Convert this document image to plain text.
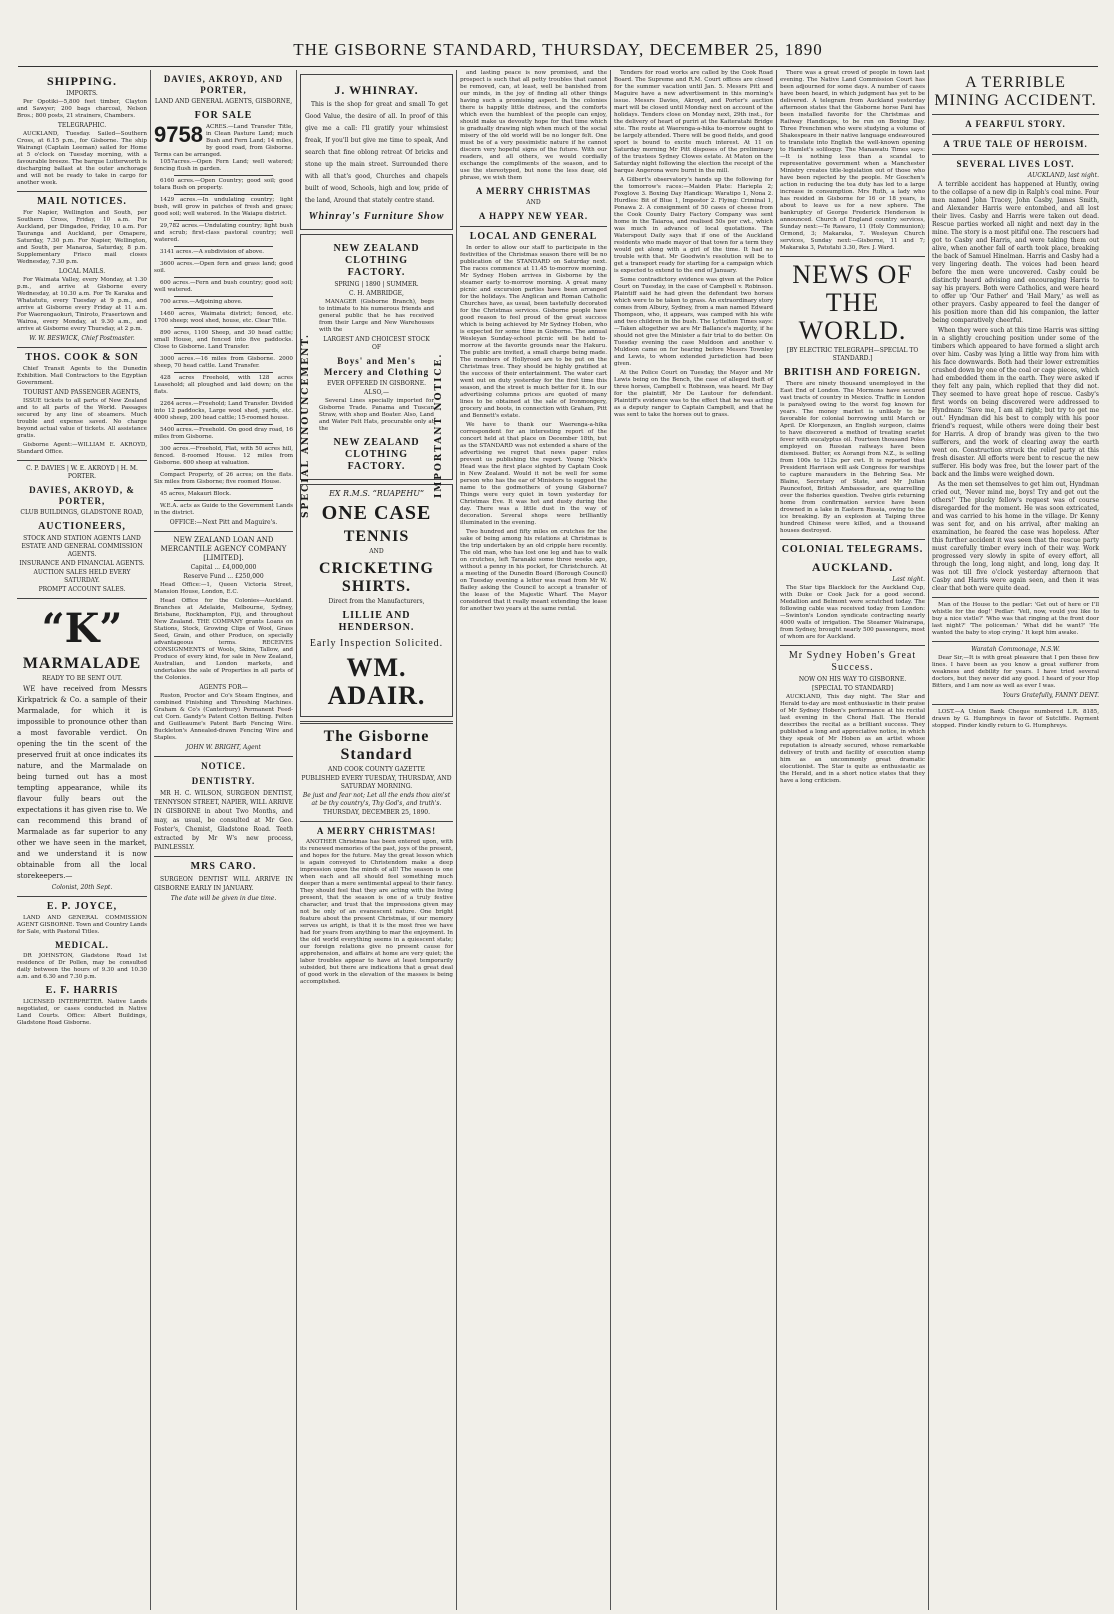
THE GISBORNE STANDARD, THURSDAY, DECEMBER 25, 1890
SHIPPING.
IMPORTS.

Per Opotiki—5,800 feet timber, Clayton and Sawyer; 200 bags charcoal, Nelson Bros.; 800 posts, 21 strainers, Chambers.

TELEGRAPHIC.

AUCKLAND, Tuesday. Sailed—Southern Cross, at 6.15 p.m., for Gisborne. The ship Wairangi (Captain Leeman) sailed for Home at 5 o'clock on Tuesday morning, with a favourable breeze. The barque Lutterworth is discharging ballast at the outer anchorage and will not be ready to take in cargo for another week.

MAIL NOTICES.

For Napier, Wellington and South, per Southern Cross, Friday, 10 a.m. For Auckland, per Dingadee, Friday, 10 a.m. For Tauranga and Auckland, per Omapere, Saturday, 7.30 p.m. For Napier, Wellington, and South, per Manaroa, Saturday, 8 p.m. Supplementary Frisco mail closes Wednesday, 7.30 p.m.

LOCAL MAILS.

For Waimata Valley, every Monday, at 1.30 p.m., and arrive at Gisborne every Wednesday, at 10.30 a.m. For Te Karaka and Whatatutu, every Tuesday at 9 p.m., and arrive at Gisborne every Friday at 11 a.m. For Waerengaokuri, Tiniroto, Frasertown and Wairoa, every Monday, at 9.30 a.m., and arrive at Gisborne every Thursday, at 2 p.m.

W. W. BESWICK, Chief Postmaster.
THOS. COOK & SON

Chief Transit Agents to the Dunedin Exhibition. Mail Contractors to the Egyptian Government.

TOURIST AND PASSENGER AGENTS,

ISSUE tickets to all parts of New Zealand and to all parts of the World. Passages secured by any line of steamers. Much trouble and expense saved. No charge beyond actual value of tickets. All assistance gratis.

Gisborne Agent:—WILLIAM E. AKROYD, Standard Office.

C. P. DAVIES | W. E. AKROYD | H. M. PORTER.
DAVIES, AKROYD, & PORTER,
CLUB BUILDINGS, GLADSTONE ROAD,
AUCTIONEERS,
STOCK AND STATION AGENTS LAND ESTATE AND GENERAL COMMISSION AGENTS.
INSURANCE AND FINANCIAL AGENTS.
AUCTION SALES HELD EVERY SATURDAY.
PROMPT ACCOUNT SALES.
“K”
MARMALADE
READY TO BE SENT OUT.

WE have received from Messrs Kirkpatrick & Co. a sample of their Marmalade, for which it is impossible to pronounce other than a most favorable verdict. On opening the tin the scent of the preserved fruit at once indicates its nature, and the Marmalade on being turned out has a most tempting appearance, while its flavour fully bears out the expectations it has given rise to. We can recommend this brand of Marmalade as far superior to any other we have seen in the market, and we understand it is now obtainable from all the local storekeepers.—

Colonist, 20th Sept.
E. P. JOYCE,

LAND AND GENERAL COMMISSION AGENT GISBORNE. Town and Country Lands for Sale, with Pastoral Titles.

MEDICAL.

DR JOHNSTON, Gladstone Road 1st residence of Dr Pollen, may be consulted daily between the hours of 9.30 and 10.30 a.m. and 6.30 and 7.30 p.m.

E. F. HARRIS

LICENSED INTERPRETER. Native Lands negotiated, or cases conducted in Native Land Courts. Office: Albert Buildings, Gladstone Road Gisborne.

DAVIES, AKROYD, AND PORTER,
LAND AND GENERAL AGENTS, GISBORNE,
FOR SALE
9758 ACRES.—Land Transfer Title, in Clean Pasture Land; much Bush and Fern Land; 14 miles, by good road, from Gisborne. Terms can be arranged.

1057acres.—Open Fern Land; well watered; fencing flush in garden.

6160 acres.—Open Country; good soil; good tolara Bush on property.

1429 acres.—In undulating country; light bush, will grow in patches of fresh and grass; good soil; well watered. In the Waiapu district.

29,782 acres.—Undulating country; light bush and scrub; first-class pastoral country; well watered.

3141 acres.—A subdivision of above.

3600 acres.—Open fern and grass land; good soil.

600 acres.—Fern and bush country; good soil; well watered.

700 acres.—Adjoining above.

1460 acres, Waimata district; fenced, etc. 1700 sheep; wool shed, house, etc. Clear Title.

890 acres, 1100 Sheep, and 30 head cattle; small House, and fenced into five paddocks. Close to Gisborne. Land Transfer.

3000 acres.—16 miles from Gisborne. 2000 sheep, 70 head cattle. Land Transfer.

428 acres Freehold, with 128 acres Leasehold; all ploughed and laid down; on the flats.

2264 acres.—Freehold; Land Transfer. Divided into 12 paddocks, Large wool shed, yards, etc. 4000 sheep, 200 head cattle; 15-roomed house.

5400 acres.—Freehold. On good dray road, 16 miles from Gisborne.

300 acres.—Freehold, Flat, with 50 acres hill, fenced. 8-roomed House. 12 miles from Gisborne. 600 sheep at valuation.

Compact Property, of 26 acres; on the flats. Six miles from Gisborne; five roomed House.

45 acres, Makauri Block.

W.E.A. acts as Guide to the Government Lands in the district.

OFFICE:—Next Pitt and Maguire's.
NEW ZEALAND LOAN AND MERCANTILE AGENCY COMPANY [LIMITED].
Capital ... £4,000,000
Reserve Fund ... £250,000

Head Office:—1, Queen Victoria Street, Mansion House, London, E.C.

Head Office for the Colonies—Auckland. Branches at Adelaide, Melbourne, Sydney, Brisbane, Rockhampton, Fiji, and throughout New Zealand. THE COMPANY grants Loans on Stations, Stock, Growing Clips of Wool, Grass Seed, Grain, and other Produce, on specially advantageous terms. RECEIVES CONSIGNMENTS of Wools, Skins, Tallow, and Produce of every kind, for sale in New Zealand, Australian, and London markets, and undertakes the sale of Properties in all parts of the Colonies.

AGENTS FOR—

Ruston, Proctor and Co's Steam Engines, and combined Finishing and Threshing Machines. Graham & Co's (Canterbury) Permanent Feed-cut Corn. Gandy's Patent Cotton Belting. Felten and Guilleaume's Patent Barb Fencing Wire. Buckleton's Annealed-drawn Fencing Wire and Staples.

JOHN W. BRIGHT, Agent
NOTICE.
DENTISTRY.

MR H. C. WILSON, SURGEON DENTIST, TENNYSON STREET, NAPIER, WILL ARRIVE IN GISBORNE in about Two Months, and may, as usual, be consulted at Mr Geo. Foster's, Chemist, Gladstone Road. Teeth extracted by Mr W's new process, PAINLESSLY.

MRS CARO.

SURGEON DENTIST WILL ARRIVE IN GISBORNE EARLY IN JANUARY.

The date will be given in due time.
J. WHINRAY.

This is the shop for great and small To get Good Value, the desire of all. In proof of this give me a call: I'll gratify your whimsiest freak, If you'll but give me time to speak, And search that fine oblong retreat Of bricks and stone up the main street. Surrounded there with all that's good, Churches and chapels built of wood, Schools, high and low, pride of the land, Around that stately centre stand.

Whinray's Furniture Show
SPECIAL ANNOUNCEMENT.	IMPORTANT NOTICE.
NEW ZEALAND CLOTHING FACTORY.
SPRING | 1890 | SUMMER.
C. H. AMBRIDGE,

MANAGER (Gisborne Branch), begs to intimate to his numerous friends and general public that he has received from their Large and New Warehouses with the

LARGEST AND CHOICEST STOCK OF
Boys' and Men's Mercery and Clothing
EVER OFFERED IN GISBORNE.
ALSO,—

Several Lines specially imported for Gisborne Trade. Panama and Tuscan Straw, with shop and Boater. Also, Land and Water Felt Hats, procurable only at the

NEW ZEALAND CLOTHING FACTORY.
EX R.M.S. “RUAPEHU”
ONE CASE
TENNIS
AND
CRICKETING SHIRTS.
Direct from the Manufacturers,
LILLIE AND HENDERSON.
Early Inspection Solicited.
WM. ADAIR.
The Gisborne Standard
AND COOK COUNTY GAZETTE
PUBLISHED EVERY TUESDAY, THURSDAY, AND SATURDAY MORNING.
Be just and fear not; Let all the ends thou aim'st at be thy country's, Thy God's, and truth's.
THURSDAY, DECEMBER 25, 1890.
A MERRY CHRISTMAS!

ANOTHER Christmas has been entered upon, with its renewed memories of the past, joys of the present, and hopes for the future. May the great lesson which is again conveyed to Christendom make a deep impression upon the minds of all! The season is one when each and all should feel something much deeper than a mere sentimental appeal to their fancy. They should feel that they are acting with the living present, that the season is one of a truly festive character, and trust that the impressions given may not be only of an evanescent nature. One bright feature about the present Christmas, if our memory serves us aright, is that it is the most free we have had for years from anything to mar the enjoyment. In the old world everything seems in a quiescent state; our foreign relations give no present cause for apprehension, and affairs at home are very quiet; the labor troubles appear to have at least temporarily subsided, but there are indications that a great deal of good work in the elevation of the masses is being accomplished.

and lasting peace is now promised, and the prospect is such that all petty troubles that cannot be removed, can, at least, well be banished from our minds, in the joy of finding all other things having such a promising aspect. In the colonies there is happily little distress, and the comforts which even the humblest of the people can enjoy, should make us devoutly hope for that time which is gradually drawing nigh when much of the social misery of the old world will be no longer felt. One must be of a very pessimistic nature if he cannot discern very hopeful signs of the future. With our readers, and all others, we would cordially exchange the compliments of the season, and to use the stereotyped, but none the less dear, old phrase, we wish them

A MERRY CHRISTMAS
AND
A HAPPY NEW YEAR.
LOCAL AND GENERAL

In order to allow our staff to participate in the festivities of the Christmas season there will be no publication of the STANDARD on Saturday next. The races commence at 11.45 to-morrow morning. Mr Sydney Hoben arrives in Gisborne by the steamer early to-morrow morning. A great many picnic and excursion parties have been arranged for the holidays. The Anglican and Roman Catholic Churches have, as usual, been tastefully decorated for the Christmas services. Gisborne people have good reason to feel proud of the great success which is being achieved by Mr Sydney Hoben, who is expected for some time in Gisborne. The annual Wesleyan Sunday-school picnic will be held to-morrow at the favorite grounds near the Hakuru. The public are invited, a small charge being made. The members of Hollyrood are to be put on the Christmas tree. They should be highly gratified at the success of their entertainment. The water cart went out on duty yesterday for the first time this season, and the street is much better for it. In our advertising columns prices are quoted of many lines to be obtained at the sale of Ironmongery, grocery and boots, in connection with Graham, Pitt and Bennett's estate.

We have to thank our Waerenga-a-hika correspondent for an interesting report of the concert held at that place on December 18th, but as the STANDARD was not extended a share of the advertising we regret that news paper rules prevent us publishing the report. Young 'Nick's Head was the first place sighted by Captain Cook in New Zealand. Would it not be well for some person who has the ear of Ministers to suggest the name to the godmothers of young Gisborne? Things were very quiet in town yesterday for Christmas Eve. It was hot and dusty during the day. There was a little dust in the way of decoration. Several shops were brilliantly illuminated in the evening.

Two hundred and fifty miles on crutches for the sake of being among his relations at Christmas is the trip undertaken by an old cripple here recently. The old man, who has lost one leg and has to walk on crutches, left Taranaki some three weeks ago, without a penny in his pocket, for Christchurch. At a meeting of the Dunedin Board (Borough Council) on Tuesday evening a letter was read from Mr W. Bailey asking the Council to accept a transfer of the lease of the Majestic Wharf. The Mayor considered that it really meant extending the lease for another two years at the same rental.

Tenders for road works are called by the Cook Road Board. The Supreme and R.M. Court offices are closed for the summer vacation until Jan. 5. Messrs Pitt and Maguire have a new advertisement in this morning's issue. Messrs Davies, Akroyd, and Porter's auction mart will be closed until Monday next on account of the holidays. Tenders close on Monday next, 29th inst., for the delivery of heart of puriri at the Kaiteratahi Bridge site. The route at Waerenga-a-hika to-morrow ought to be largely attended. There will be good fields, and good sport is bound to excite much interest. At 11 on Saturday morning Mr Pitt disposes of the preliminary of the trustees Sydney Clowes estate. At Maton on the Saturday night following the election the receipt of the barque Angerona were burnt in the mill.

A Gilbert's observatory's hands up the following for the tomorrow's races:—Maiden Plate: Hariepla 2; Foxglove 3. Boxing Day Handicap: Waratipo 1, Nona 2. Hurdles: Bit of Blue 1, Impostor 2. Flying: Criminal 1, Ponawa 2. A consignment of 50 cases of cheese from the Cook County Dairy Factory Company was sent home in the Taiaroa, and realised 50s per cwt., which was much in advance of local quotations. The Waterspout Daily says that if one of the Auckland residents who made mayor of that town for a term they would get along with a girl of the time. It had no trouble with that. Mr Goodwin's resolution will be to get a transport ready for starting for a campaign which is expected to extend to the end of January.

Some contradictory evidence was given at the Police Court on Tuesday, in the case of Campbell v. Robinson. Plaintiff said he had given the defendant two horses which were to be taken to grass. An extraordinary story comes from Albury, Sydney, from a man named Edward Thompson, who, it appears, was camped with his wife and two children in the bush. The Lyttelton Times says:—Taken altogether we are Mr Ballance's majority, if he should not give the Minister a fair trial to do better. On Tuesday evening the case Muldoon and another v. Muldoon came on for hearing before Messrs Townley and Lewis, to whom extended jurisdiction had been given.

At the Police Court on Tuesday, the Mayor and Mr Lewis being on the Bench, the case of alleged theft of three horses, Campbell v. Robinson, was heard. Mr Day for the plaintiff, Mr De Lautour for defendant. Plaintiff's evidence was to the effect that he was acting as a deputy ranger to Captain Campbell, and that he was sent to take the horses out to grass.

There was a great crowd of people in town last evening. The Native Land Commission Court has been adjourned for some days. A number of cases have been heard, in which judgment has yet to be delivered. A telegram from Auckland yesterday afternoon states that the Gisborne horse Pani has been installed favorite for the Christmas and Railway Handicaps, to be run on Boxing Day. Three Frenchmen who were studying a volume of Shakespeare in their native language endeavoured to translate into English the well-known opening to Hamlet's soliloquy. The Manawatu Times says:—It is nothing less than a scandal to representative government when a Manchester Ministry creates title-legislation out of those who have been rejected by the people. Mr Goschen's action in reducing the tea duty has led to a large increase in consumption. Mrs Ruth, a lady who has resided in Gisborne for 16 or 18 years, is about to leave us for a new sphere. The bankruptcy of George Frederick Henderson is announced. Church of England country services, Sunday next:—Te Rawaro, 11 (Holy Communion); Ormond, 3; Makaraka, 7. Wesleyan Church services, Sunday next:—Gisborne, 11 and 7; Makaraka 3, Patutahi 3.30, Rev. J. Ward.

NEWS OF THE WORLD.
[BY ELECTRIC TELEGRAPH—SPECIAL TO STANDARD.]
BRITISH AND FOREIGN.

There are ninety thousand unemployed in the East End of London. The Mormons have secured vast tracts of country in Mexico. Traffic in London is paralysed owing to the worst fog known for years. The money market is unlikely to be favorable for colonial borrowing until March or April. Dr Klorgenzen, an English surgeon, claims to have discovered a method of treating scarlet fever with eucalyptus oil. Fourteen thousand Poles employed on Russian railways have been dismissed. Butter, ex Aorangi from N.Z., is selling from 100s to 112s per cwt. It is reported that President Harrison will ask Congress for warships to capture marauders in the Behring Sea. Mr Blaine, Secretary of State, and Mr Julian Pauncefoot, British Ambassador, are quarrelling over the fisheries question. Twelve girls returning home from confirmation service have been drowned in a lake in Eastern Russia, owing to the ice breaking. By an explosion at Taiping three hundred Chinese were killed, and a thousand houses destroyed.

COLONIAL TELEGRAMS.
AUCKLAND.
Last night.

The Star tips Blacklock for the Auckland Cup, with Duke or Cook Jack for a good second. Medallion and Belmont were scratched today. The following cable was received today from London:—Swinton's London syndicate contracting nearly 4000 walls of irrigation. The Steamer Wairarapa, from Sydney, brought nearly 500 passengers, most of whom are for Auckland.

Mr Sydney Hoben's Great Success.
NOW ON HIS WAY TO GISBORNE.
[SPECIAL TO STANDARD]

AUCKLAND, This day night. The Star and Herald to-day are most enthusiastic in their praise of Mr Sydney Hoben's performance at his recital last evening in the Choral Hall. The Herald describes the recital as a brilliant success. They published a long and appreciative notice, in which they speak of Mr Hoben as an artist whose reputation is already secured, whose remarkable delivery of truth and facility of execution stamp him as an uncommonly great dramatic elocutionist. The Star is quite as enthusiastic as the Herald, and in a short notice states that they have a long criticism.

A TERRIBLE MINING ACCIDENT.
A FEARFUL STORY.
A TRUE TALE OF HEROISM.
SEVERAL LIVES LOST.
AUCKLAND, last night.

A terrible accident has happened at Huntly, owing to the collapse of a new dip in Ralph's coal mine. Four men named John Tracey, John Casby, James Smith, and Alexander Harris were entombed, and all lost their lives. Casby and Harris were taken out dead. Rescue parties worked all night and next day in the mine. The story is a most pitiful one. The rescuers had got to Casby and Harris, and were taking them out alive, when another fall of earth took place, breaking the back of Samuel Hinelman. Harris and Casby had a very lingering death. The voices had been heard before the men were uncovered. Casby could be distinctly heard advising and encouraging Harris to say his prayers. Both were Catholics, and were heard to offer up 'Our Father' and 'Hail Mary,' as well as other prayers. Casby appeared to feel the danger of his position more than did his companion, the latter being comparatively cheerful.

When they were such at this time Harris was sitting in a slightly crouching position under some of the timbers which appeared to have formed a slight arch over him. Casby was lying a little way from him with his face downwards. Both had their lower extremities crushed down by one of the coal or cage pieces, which had embedded them in the earth. They were asked if they felt any pain, which replied that they did not. They seemed to have great hope of rescue. Casby's first words on being discovered were addressed to Hyndman: 'Save me, I am all right; but try to get me out.' Hyndman did his best to comply with his poor friend's request, while others were doing their best for Harris. A drop of brandy was given to the two sufferers, and the work of clearing away the earth went on. Construction struck the relief party at this fresh disaster. All efforts were bent to rescue the new sufferer. His body was free, but the lower part of the back and the limbs were weighed down.

As the men set themselves to get him out, Hyndman cried out, 'Never mind me, boys! Try and get out the others!' The plucky fellow's request was of course disregarded for the moment. He was soon extricated, and was carried to his home in the village. Dr Kenny was sent for, and on his arrival, after making an examination, he feared the case was hopeless. After this further accident it was seen that the rescue party must carefully timber every inch of their way. Work progressed very slowly in spite of every effort, all through the long, long night, and long, long day. It was not till five o'clock yesterday afternoon that Casby and Harris were again seen, and then it was clear that both were quite dead.

Man of the House to the pedlar: 'Get out of here or I'll whistle for the dog!' Pedlar: 'Vell, now, vould you like to buy a nice vistle?' 'Who was that ringing at the front door last night?' 'The policeman.' 'What did he want?' 'He wanted the baby to stop crying.' It kept him awake.

Waratah Commonage, N.S.W.

Dear Sir,—It is with great pleasure that I pen these few lines. I have been as you know a great sufferer from weakness and debility for years. I have tried several doctors, but they never did any good. I heard of your Hop Bitters, and I am now as well as ever I was.

Yours Gratefully, FANNY DENT.

LOST.—A Union Bank Cheque numbered L.R. 8185, drawn by G. Humphreys in favor of Sutcliffe. Payment stopped. Finder kindly return to G. Humphreys.
